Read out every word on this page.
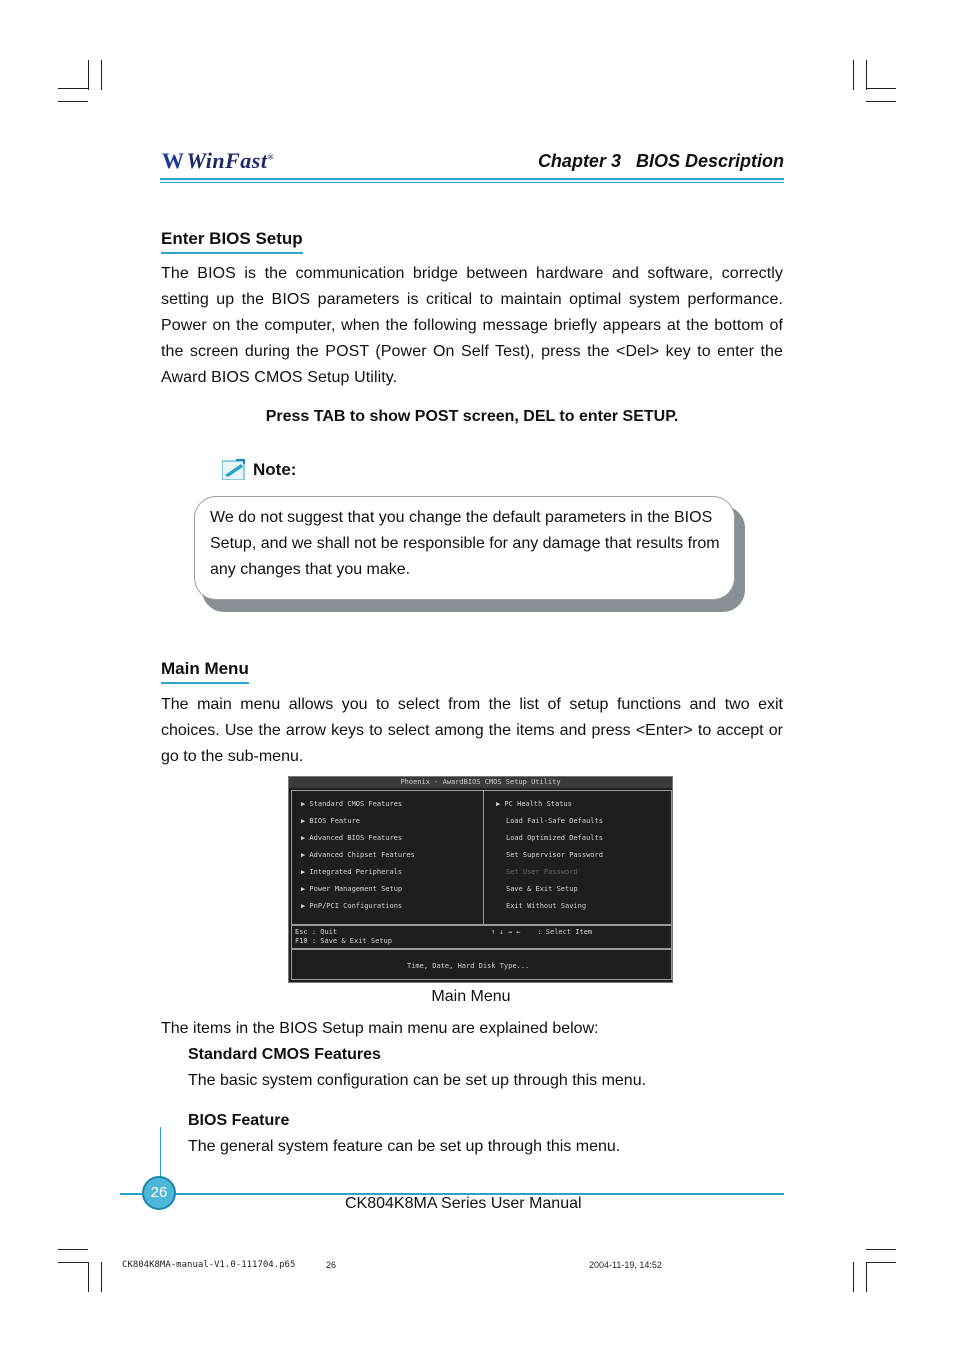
WWinFast®	Chapter 3   BIOS Description
Enter BIOS Setup
The BIOS is the communication bridge between hardware and software, correctly setting up the BIOS parameters is critical to maintain optimal system performance. Power on the computer, when the following message briefly appears at the bottom of the screen during the POST (Power On Self Test), press the <Del> key to enter the Award BIOS CMOS Setup Utility.
Press TAB to show POST screen, DEL to enter SETUP.
Note:
We do not suggest that you change the default parameters in the BIOS Setup, and we shall not be responsible for any damage that results from any changes that you make.
Main Menu
The main menu allows you to select from the list of setup functions and two exit choices. Use the arrow keys to select among the items and press <Enter> to accept or go to the sub-menu.
Phoenix - AwardBIOS CMOS Setup Utility
▶ Standard CMOS Features
▶ BIOS Feature
▶ Advanced BIOS Features
▶ Advanced Chipset Features
▶ Integrated Peripherals
▶ Power Management Setup
▶ PnP/PCI Configurations
▶ PC Health Status
Load Fail-Safe Defaults
Load Optimized Defaults
Set Supervisor Password
Set User Password
Save & Exit Setup
Exit Without Saving
Esc : Quit
F10 : Save & Exit Setup
↑ ↓ → ←    : Select Item
Time, Date, Hard Disk Type...
Main Menu
The items in the BIOS Setup main menu are explained below:
Standard CMOS Features
The basic system configuration can be set up through this menu.
BIOS Feature
The general system feature can be set up through this menu.
26
CK804K8MA Series User Manual
CK804K8MA-manual-V1.0-111704.p65	26	2004-11-19, 14:52
